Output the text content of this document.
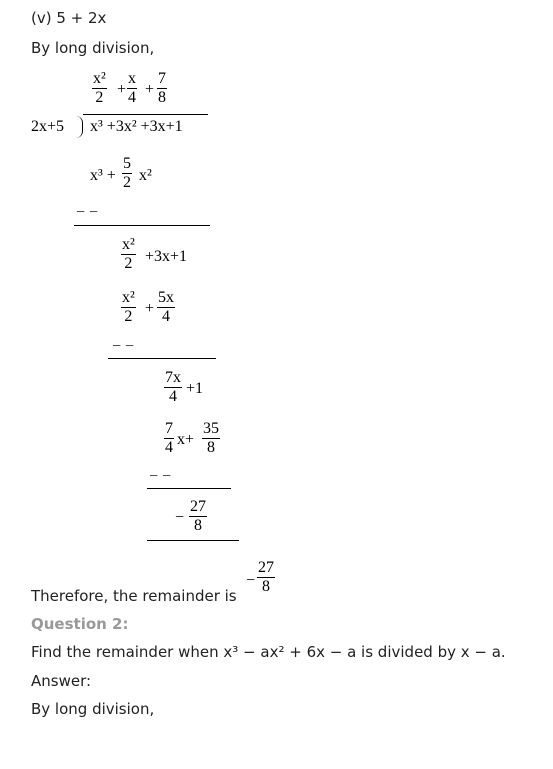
(v) 5 + 2x
By long division,
$\frac{\text{x²}}{2} + \frac{x}{4} + \frac{7}{8}$
2x+5 x³ +3x² +3x+1
$x^3 + \frac{5}{2} x^2$
− −
$\frac{\text{x²}}{2} +3x+1$
$\frac{\text{x²}}{2} + \frac{5x}{4}$
− −
$\frac{7x}{4} +1$
$\frac{7}{4} x+ \frac{35}{8}$
− −
− $\frac{27}{8}$
Therefore, the remainder is
− $\frac{27}{8}$
Question 2:
Find the remainder when x³ − ax² + 6x − a is divided by x − a.
Answer:
By long division,
